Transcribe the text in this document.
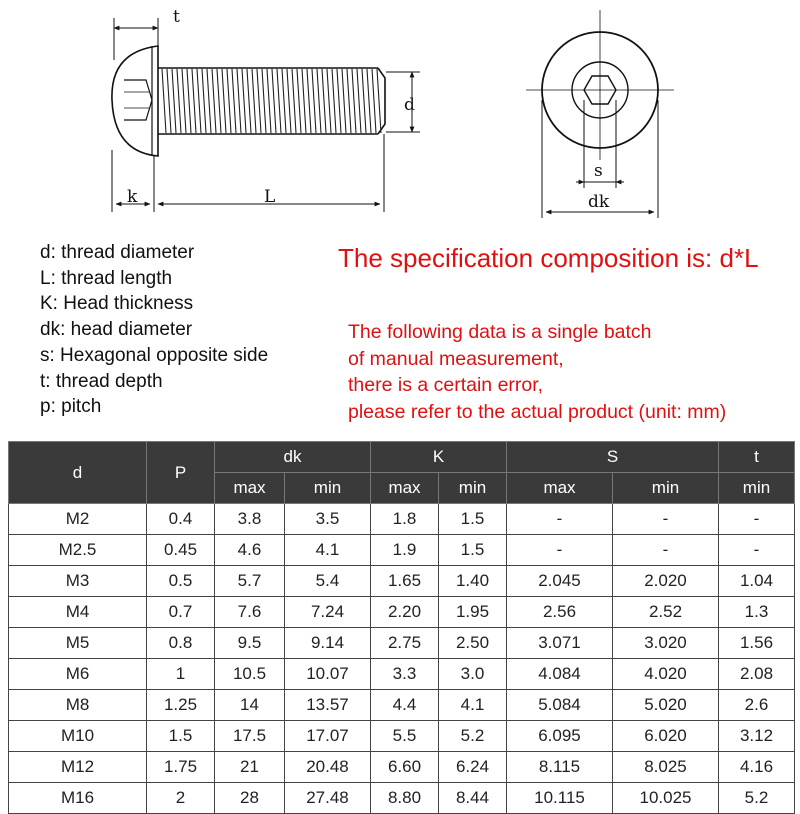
t
d
k	L
s
dk
d: thread diameter
L: thread length
K: Head thickness
dk: head diameter
s: Hexagonal opposite side
t: thread depth
p: pitch
The specification composition is: d*L
The following data is a single batch
of manual measurement,
there is a certain error,
please refer to the actual product (unit: mm)
d	P	dk		K		S		t
		max	min	max	min	max	min	min
M2	0.4	3.8	3.5	1.8	1.5	-	-	-
M2.5	0.45	4.6	4.1	1.9	1.5	-	-	-
M3	0.5	5.7	5.4	1.65	1.40	2.045	2.020	1.04
M4	0.7	7.6	7.24	2.20	1.95	2.56	2.52	1.3
M5	0.8	9.5	9.14	2.75	2.50	3.071	3.020	1.56
M6	1	10.5	10.07	3.3	3.0	4.084	4.020	2.08
M8	1.25	14	13.57	4.4	4.1	5.084	5.020	2.6
M10	1.5	17.5	17.07	5.5	5.2	6.095	6.020	3.12
M12	1.75	21	20.48	6.60	6.24	8.115	8.025	4.16
M16	2	28	27.48	8.80	8.44	10.115	10.025	5.2
